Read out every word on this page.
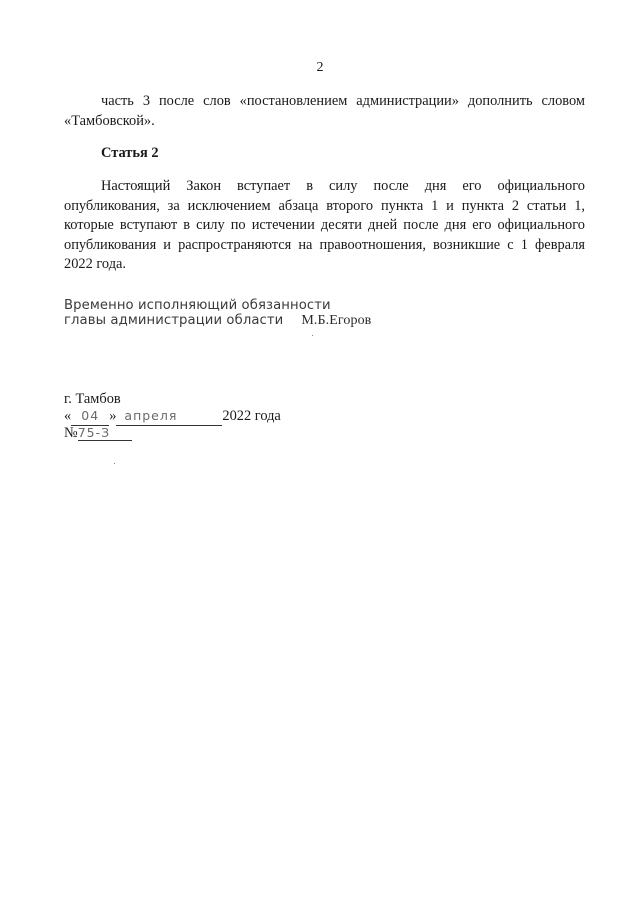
2
часть 3 после слов «постановлением администрации» дополнить словом «Тамбовской».
Статья 2
Настоящий Закон вступает в силу после дня его официального опубликования, за исключением абзаца второго пункта 1 и пункта 2 статьи 1, которые вступают в силу по истечении десяти дней после дня его официального опубликования и распространяются на правоотношения, возникшие с 1 февраля 2022 года.
Временно исполняющий обязанности
главы администрации области М.Б.Егоров
г. Тамбов
« 04 » апреля	2022 года
№75-З
